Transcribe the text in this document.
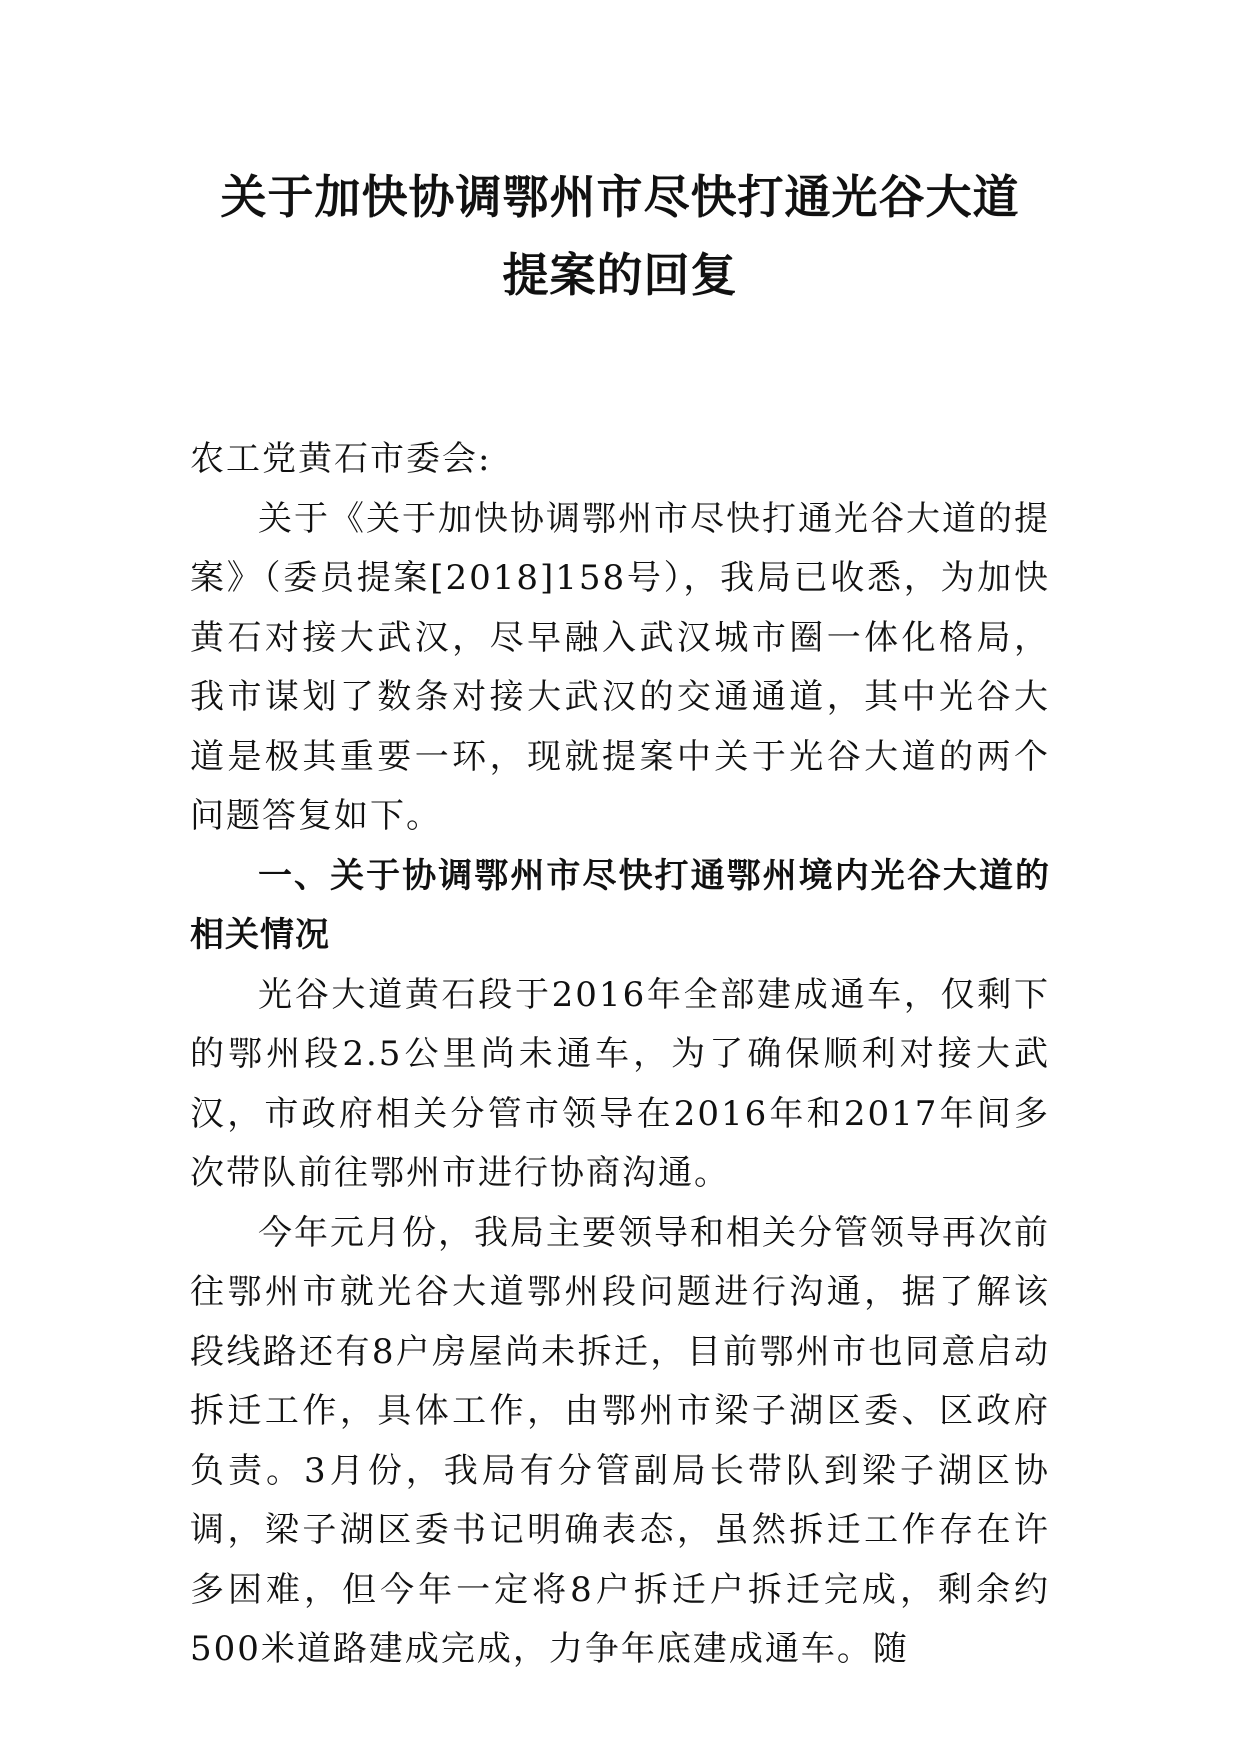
关于加快协调鄂州市尽快打通光谷大道
提案的回复

农工党黄石市委会:

关于《关于加快协调鄂州市尽快打通光谷大道的提案》（委员提案[2018]158号），我局已收悉，为加快黄石对接大武汉，尽早融入武汉城市圈一体化格局，我市谋划了数条对接大武汉的交通通道，其中光谷大道是极其重要一环，现就提案中关于光谷大道的两个问题答复如下。

一、关于协调鄂州市尽快打通鄂州境内光谷大道的相关情况

光谷大道黄石段于2016年全部建成通车，仅剩下的鄂州段2.5公里尚未通车，为了确保顺利对接大武汉，市政府相关分管市领导在2016年和2017年间多次带队前往鄂州市进行协商沟通。

今年元月份，我局主要领导和相关分管领导再次前往鄂州市就光谷大道鄂州段问题进行沟通，据了解该段线路还有8户房屋尚未拆迁，目前鄂州市也同意启动拆迁工作，具体工作，由鄂州市梁子湖区委、区政府负责。3月份，我局有分管副局长带队到梁子湖区协调，梁子湖区委书记明确表态，虽然拆迁工作存在许多困难，但今年一定将8户拆迁户拆迁完成，剩余约500米道路建成完成，力争年底建成通车。随
